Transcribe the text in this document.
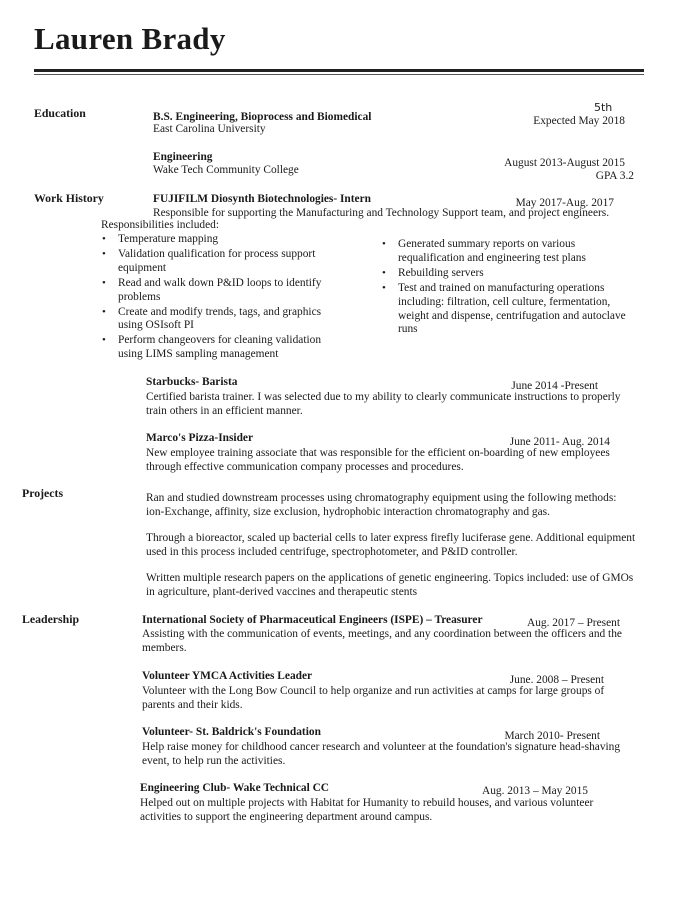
Lauren Brady
Education	B.S. Engineering, Bioprocess and Biomedical
East Carolina University
5th
Expected May 2018
Engineering
Wake Tech Community College
August 2013-August 2015
GPA 3.2
Work History	FUJIFILM Diosynth Biotechnologies- Intern	May 2017-Aug. 2017
Responsible for supporting the Manufacturing and Technology Support team, and project engineers.
Responsibilities included:
• Temperature mapping
• Validation qualification for process support equipment
• Read and walk down P&ID loops to identify problems
• Create and modify trends, tags, and graphics using OSIsoft PI
• Perform changeovers for cleaning validation using LIMS sampling management
• Generated summary reports on various requalification and engineering test plans
• Rebuilding servers
• Test and trained on manufacturing operations including: filtration, cell culture, fermentation, weight and dispense, centrifugation and autoclave runs
Starbucks- Barista	June 2014 -Present
Certified barista trainer. I was selected due to my ability to clearly communicate instructions to properly train others in an efficient manner.
Marco's Pizza-Insider	June 2011- Aug. 2014
New employee training associate that was responsible for the efficient on-boarding of new employees through effective communication company processes and procedures.
Projects	Ran and studied downstream processes using chromatography equipment using the following methods: ion-Exchange, affinity, size exclusion, hydrophobic interaction chromatography and gas.
Through a bioreactor, scaled up bacterial cells to later express firefly luciferase gene. Additional equipment used in this process included centrifuge, spectrophotometer, and P&ID controller.
Written multiple research papers on the applications of genetic engineering. Topics included: use of GMOs in agriculture, plant-derived vaccines and therapeutic stents
Leadership	International Society of Pharmaceutical Engineers (ISPE) – Treasurer	Aug. 2017 – Present
Assisting with the communication of events, meetings, and any coordination between the officers and the members.
Volunteer YMCA Activities Leader	June. 2008 – Present
Volunteer with the Long Bow Council to help organize and run activities at camps for large groups of parents and their kids.
Volunteer- St. Baldrick's Foundation	March 2010- Present
Help raise money for childhood cancer research and volunteer at the foundation's signature head-shaving event, to help run the activities.
Engineering Club- Wake Technical CC	Aug. 2013 – May 2015
Helped out on multiple projects with Habitat for Humanity to rebuild houses, and various volunteer activities to support the engineering department around campus.
